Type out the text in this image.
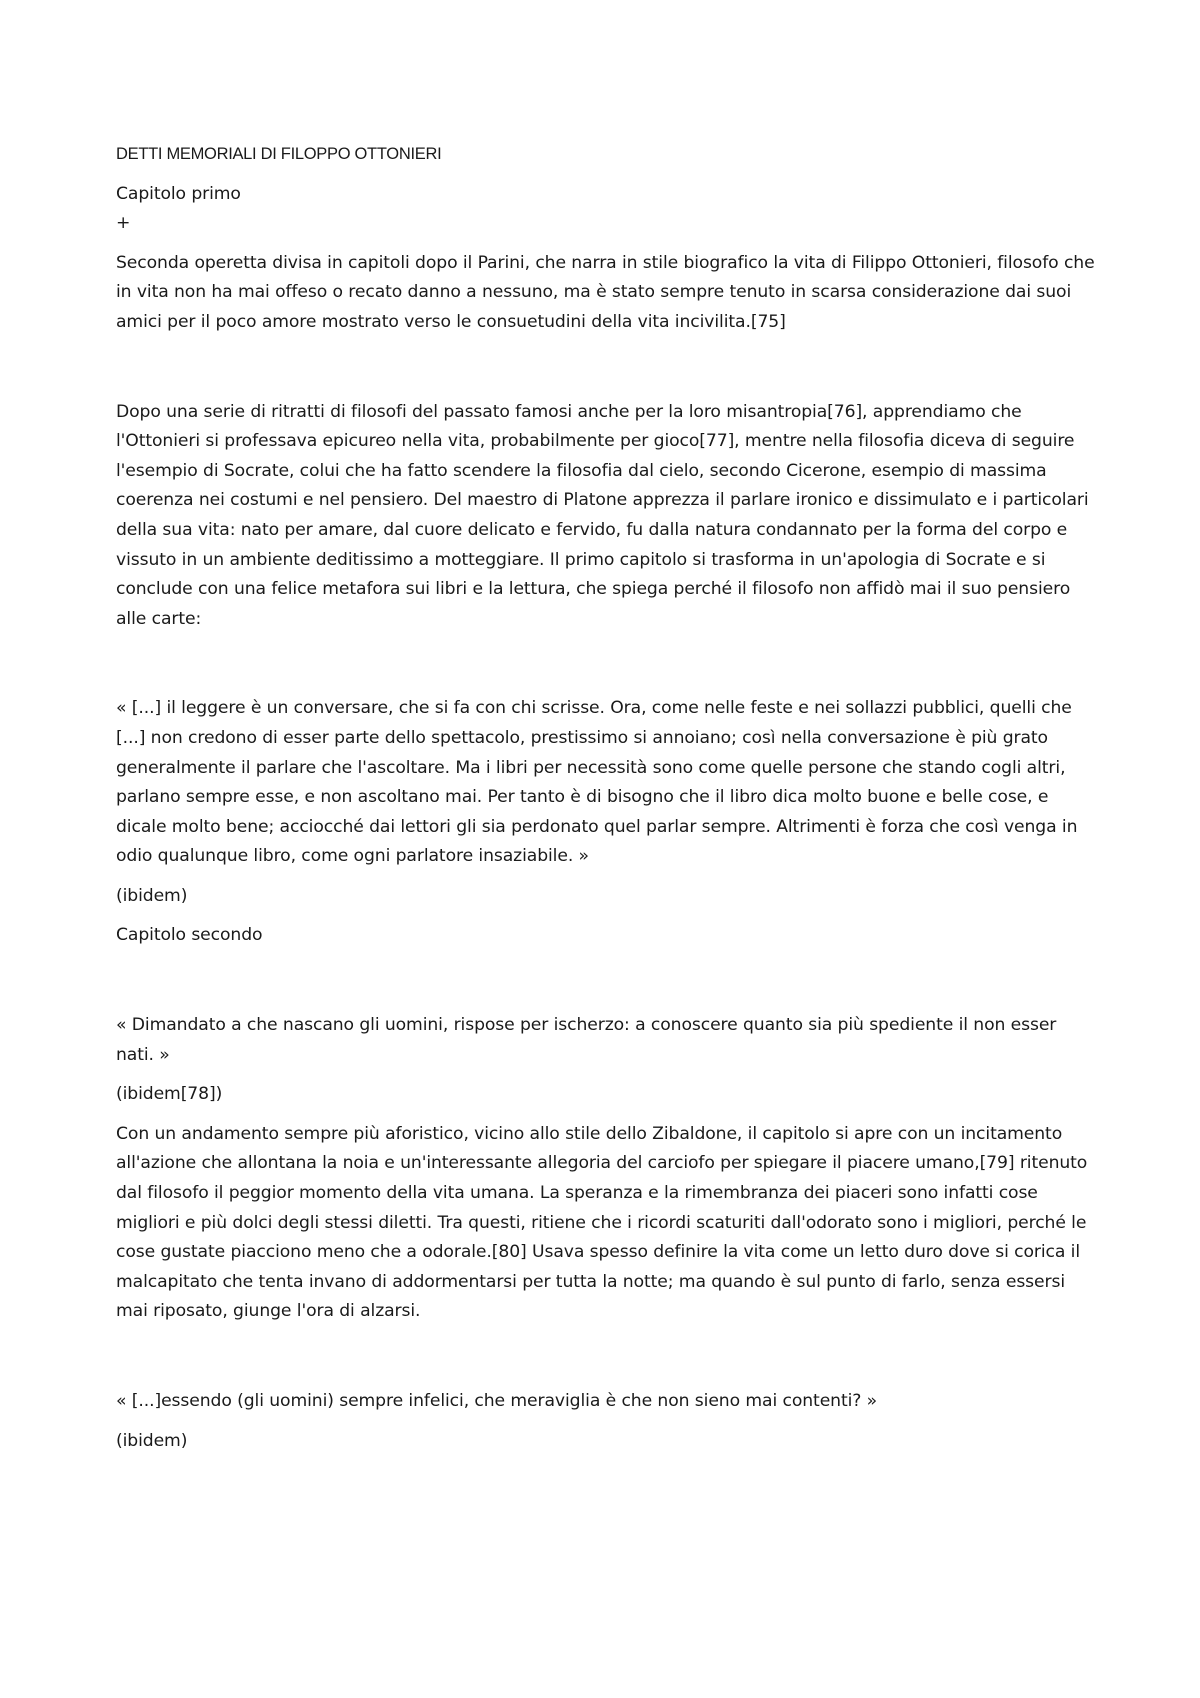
DETTI MEMORIALI DI FILOPPO OTTONIERI

Capitolo primo

+

Seconda operetta divisa in capitoli dopo il Parini, che narra in stile biografico la vita di Filippo Ottonieri, filosofo che in vita non ha mai offeso o recato danno a nessuno, ma è stato sempre tenuto in scarsa considerazione dai suoi amici per il poco amore mostrato verso le consuetudini della vita incivilita.[75]

Dopo una serie di ritratti di filosofi del passato famosi anche per la loro misantropia[76], apprendiamo che l'Ottonieri si professava epicureo nella vita, probabilmente per gioco[77], mentre nella filosofia diceva di seguire l'esempio di Socrate, colui che ha fatto scendere la filosofia dal cielo, secondo Cicerone, esempio di massima coerenza nei costumi e nel pensiero. Del maestro di Platone apprezza il parlare ironico e dissimulato e i particolari della sua vita: nato per amare, dal cuore delicato e fervido, fu dalla natura condannato per la forma del corpo e vissuto in un ambiente deditissimo a motteggiare. Il primo capitolo si trasforma in un'apologia di Socrate e si conclude con una felice metafora sui libri e la lettura, che spiega perché il filosofo non affidò mai il suo pensiero alle carte:

« [...] il leggere è un conversare, che si fa con chi scrisse. Ora, come nelle feste e nei sollazzi pubblici, quelli che [...] non credono di esser parte dello spettacolo, prestissimo si annoiano; così nella conversazione è più grato generalmente il parlare che l'ascoltare. Ma i libri per necessità sono come quelle persone che stando cogli altri, parlano sempre esse, e non ascoltano mai. Per tanto è di bisogno che il libro dica molto buone e belle cose, e dicale molto bene; acciocché dai lettori gli sia perdonato quel parlar sempre. Altrimenti è forza che così venga in odio qualunque libro, come ogni parlatore insaziabile. »

(ibidem)

Capitolo secondo

« Dimandato a che nascano gli uomini, rispose per ischerzo: a conoscere quanto sia più spediente il non esser nati. »

(ibidem[78])

Con un andamento sempre più aforistico, vicino allo stile dello Zibaldone, il capitolo si apre con un incitamento all'azione che allontana la noia e un'interessante allegoria del carciofo per spiegare il piacere umano,[79] ritenuto dal filosofo il peggior momento della vita umana. La speranza e la rimembranza dei piaceri sono infatti cose migliori e più dolci degli stessi diletti. Tra questi, ritiene che i ricordi scaturiti dall'odorato sono i migliori, perché le cose gustate piacciono meno che a odorale.[80] Usava spesso definire la vita come un letto duro dove si corica il malcapitato che tenta invano di addormentarsi per tutta la notte; ma quando è sul punto di farlo, senza essersi mai riposato, giunge l'ora di alzarsi.

« [...]essendo (gli uomini) sempre infelici, che meraviglia è che non sieno mai contenti? »

(ibidem)
